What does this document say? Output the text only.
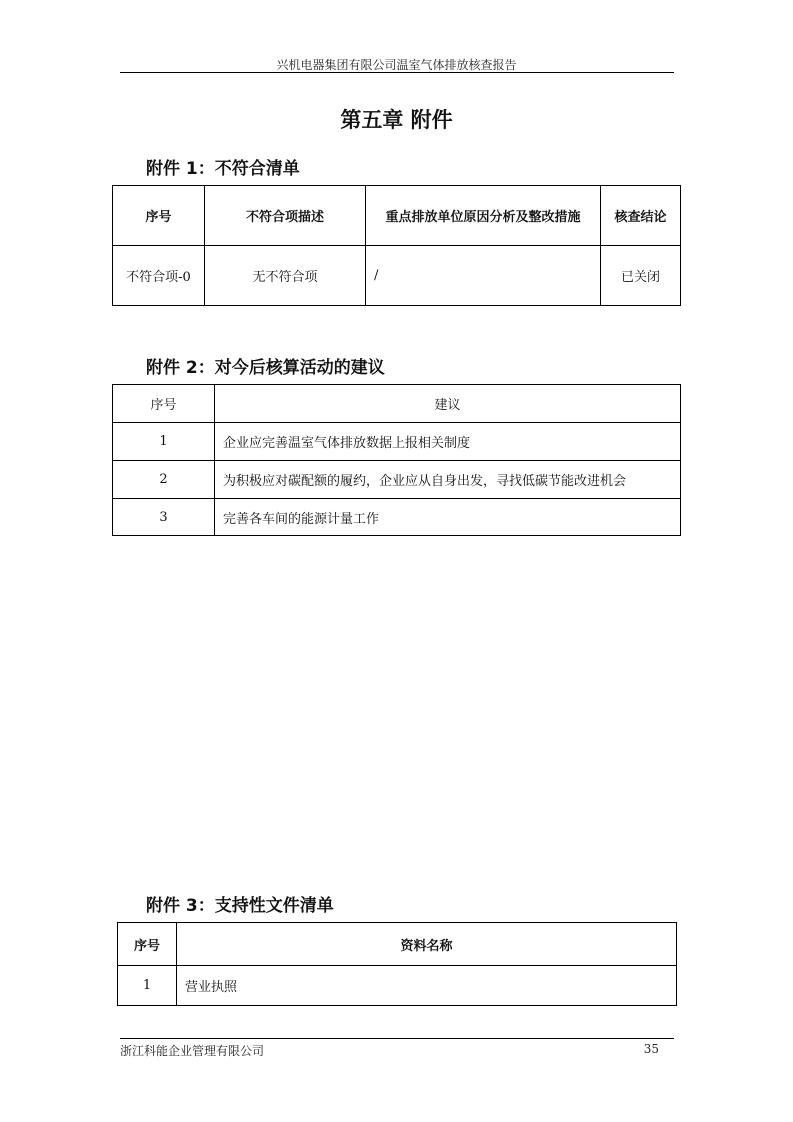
兴机电器集团有限公司温室气体排放核查报告
第五章 附件
附件 1：不符合清单
序号	不符合项描述	重点排放单位原因分析及整改措施	核查结论
不符合项-0	无不符合项	/	已关闭
附件 2：对今后核算活动的建议
序号	建议
1	企业应完善温室气体排放数据上报相关制度
2	为积极应对碳配额的履约，企业应从自身出发，寻找低碳节能改进机会
3	完善各车间的能源计量工作
附件 3：支持性文件清单
序号	资料名称
1	营业执照
浙江科能企业管理有限公司	35
